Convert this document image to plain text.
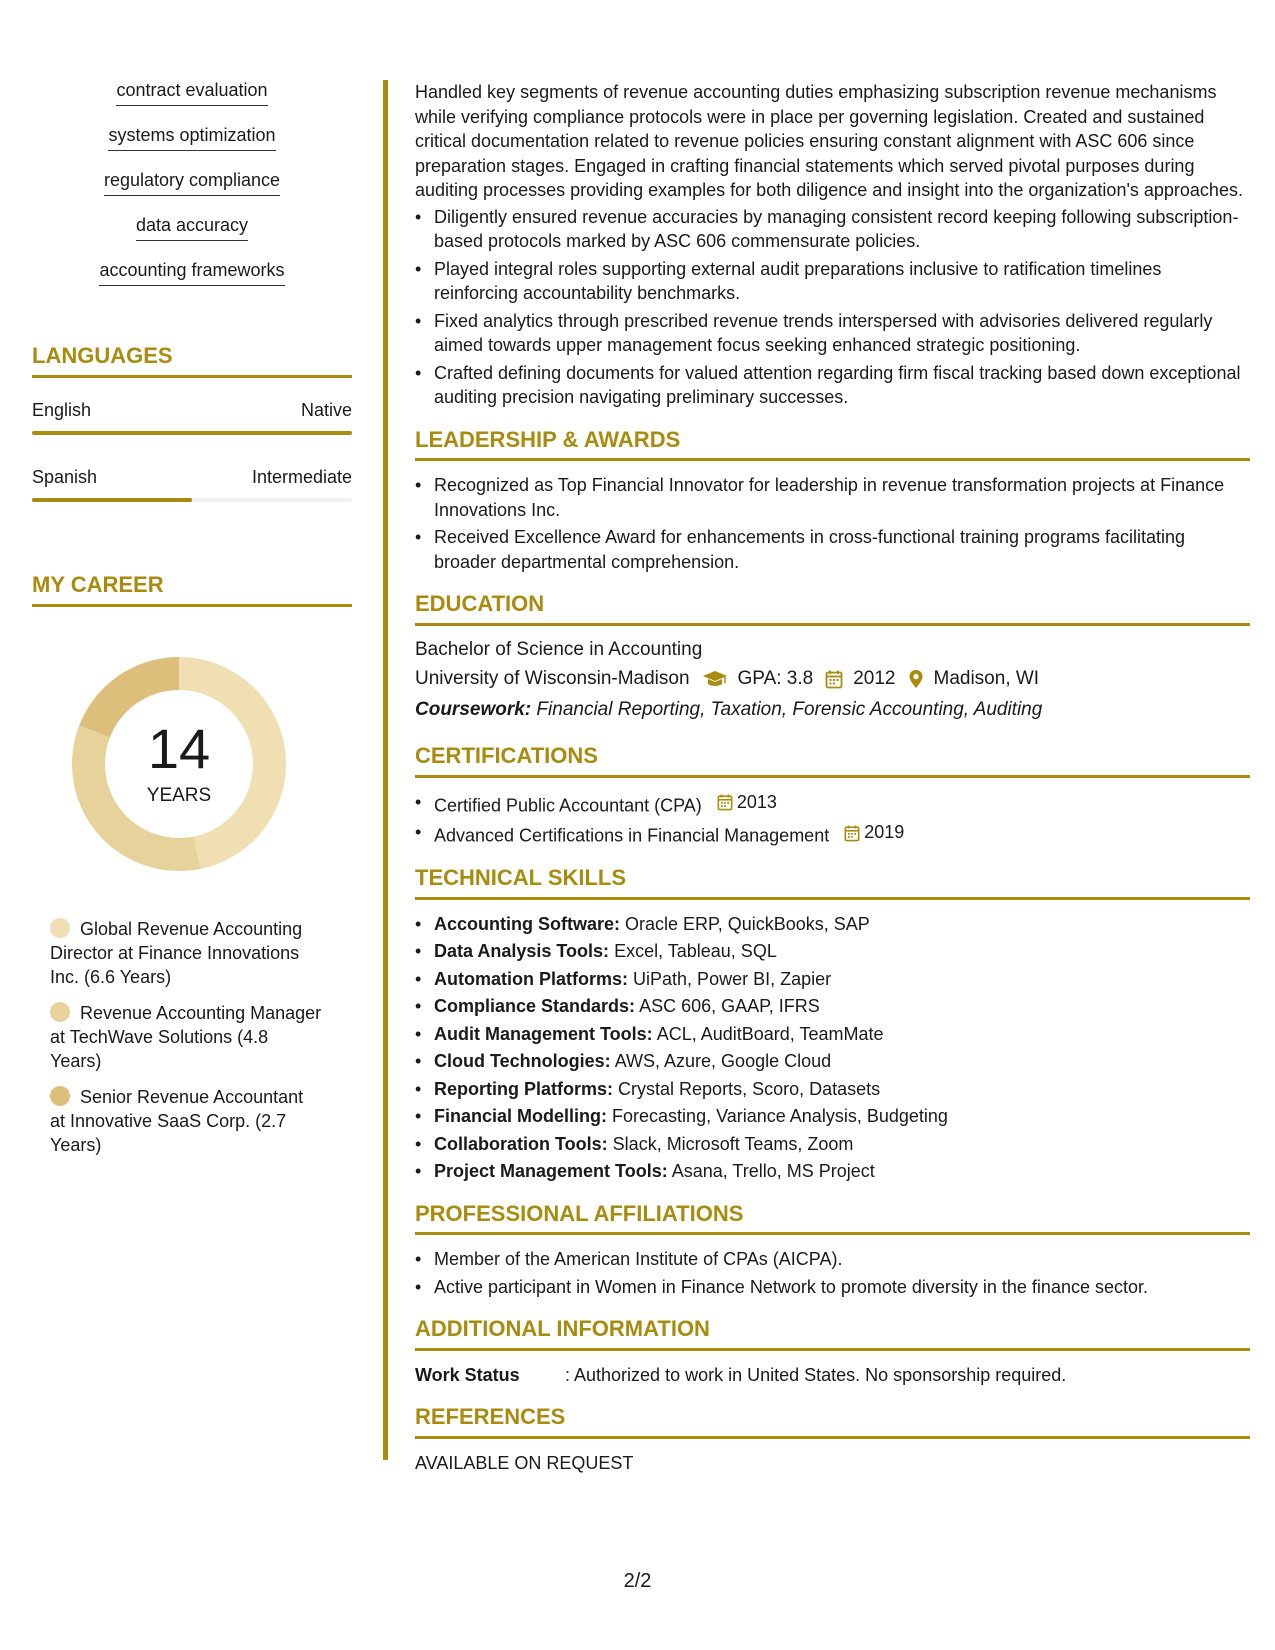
contract evaluation
systems optimization
regulatory compliance
data accuracy
accounting frameworks
LANGUAGES
English	Native
Spanish	Intermediate
MY CAREER
14
YEARS
Global Revenue Accounting Director at Finance Innovations Inc. (6.6 Years)
Revenue Accounting Manager at TechWave Solutions (4.8 Years)
Senior Revenue Accountant at Innovative SaaS Corp. (2.7 Years)

Handled key segments of revenue accounting duties emphasizing subscription revenue mechanisms while verifying compliance protocols were in place per governing legislation. Created and sustained critical documentation related to revenue policies ensuring constant alignment with ASC 606 since preparation stages. Engaged in crafting financial statements which served pivotal purposes during auditing processes providing examples for both diligence and insight into the organization's approaches.

• Diligently ensured revenue accuracies by managing consistent record keeping following subscription-based protocols marked by ASC 606 commensurate policies.
• Played integral roles supporting external audit preparations inclusive to ratification timelines reinforcing accountability benchmarks.
• Fixed analytics through prescribed revenue trends interspersed with advisories delivered regularly aimed towards upper management focus seeking enhanced strategic positioning.
• Crafted defining documents for valued attention regarding firm fiscal tracking based down exceptional auditing precision navigating preliminary successes.
LEADERSHIP & AWARDS
• Recognized as Top Financial Innovator for leadership in revenue transformation projects at Finance Innovations Inc.
• Received Excellence Award for enhancements in cross-functional training programs facilitating broader departmental comprehension.
EDUCATION
Bachelor of Science in Accounting
University of Wisconsin-Madison	GPA: 3.8 2012 Madison, WI
Coursework: Financial Reporting, Taxation, Forensic Accounting, Auditing
CERTIFICATIONS
• Certified Public Accountant (CPA) 2013
• Advanced Certifications in Financial Management 2019
TECHNICAL SKILLS
• Accounting Software: Oracle ERP, QuickBooks, SAP
• Data Analysis Tools: Excel, Tableau, SQL
• Automation Platforms: UiPath, Power BI, Zapier
• Compliance Standards: ASC 606, GAAP, IFRS
• Audit Management Tools: ACL, AuditBoard, TeamMate
• Cloud Technologies: AWS, Azure, Google Cloud
• Reporting Platforms: Crystal Reports, Scoro, Datasets
• Financial Modelling: Forecasting, Variance Analysis, Budgeting
• Collaboration Tools: Slack, Microsoft Teams, Zoom
• Project Management Tools: Asana, Trello, MS Project
PROFESSIONAL AFFILIATIONS
• Member of the American Institute of CPAs (AICPA).
• Active participant in Women in Finance Network to promote diversity in the finance sector.
ADDITIONAL INFORMATION
Work Status	: Authorized to work in United States. No sponsorship required.
REFERENCES
AVAILABLE ON REQUEST
2/2
